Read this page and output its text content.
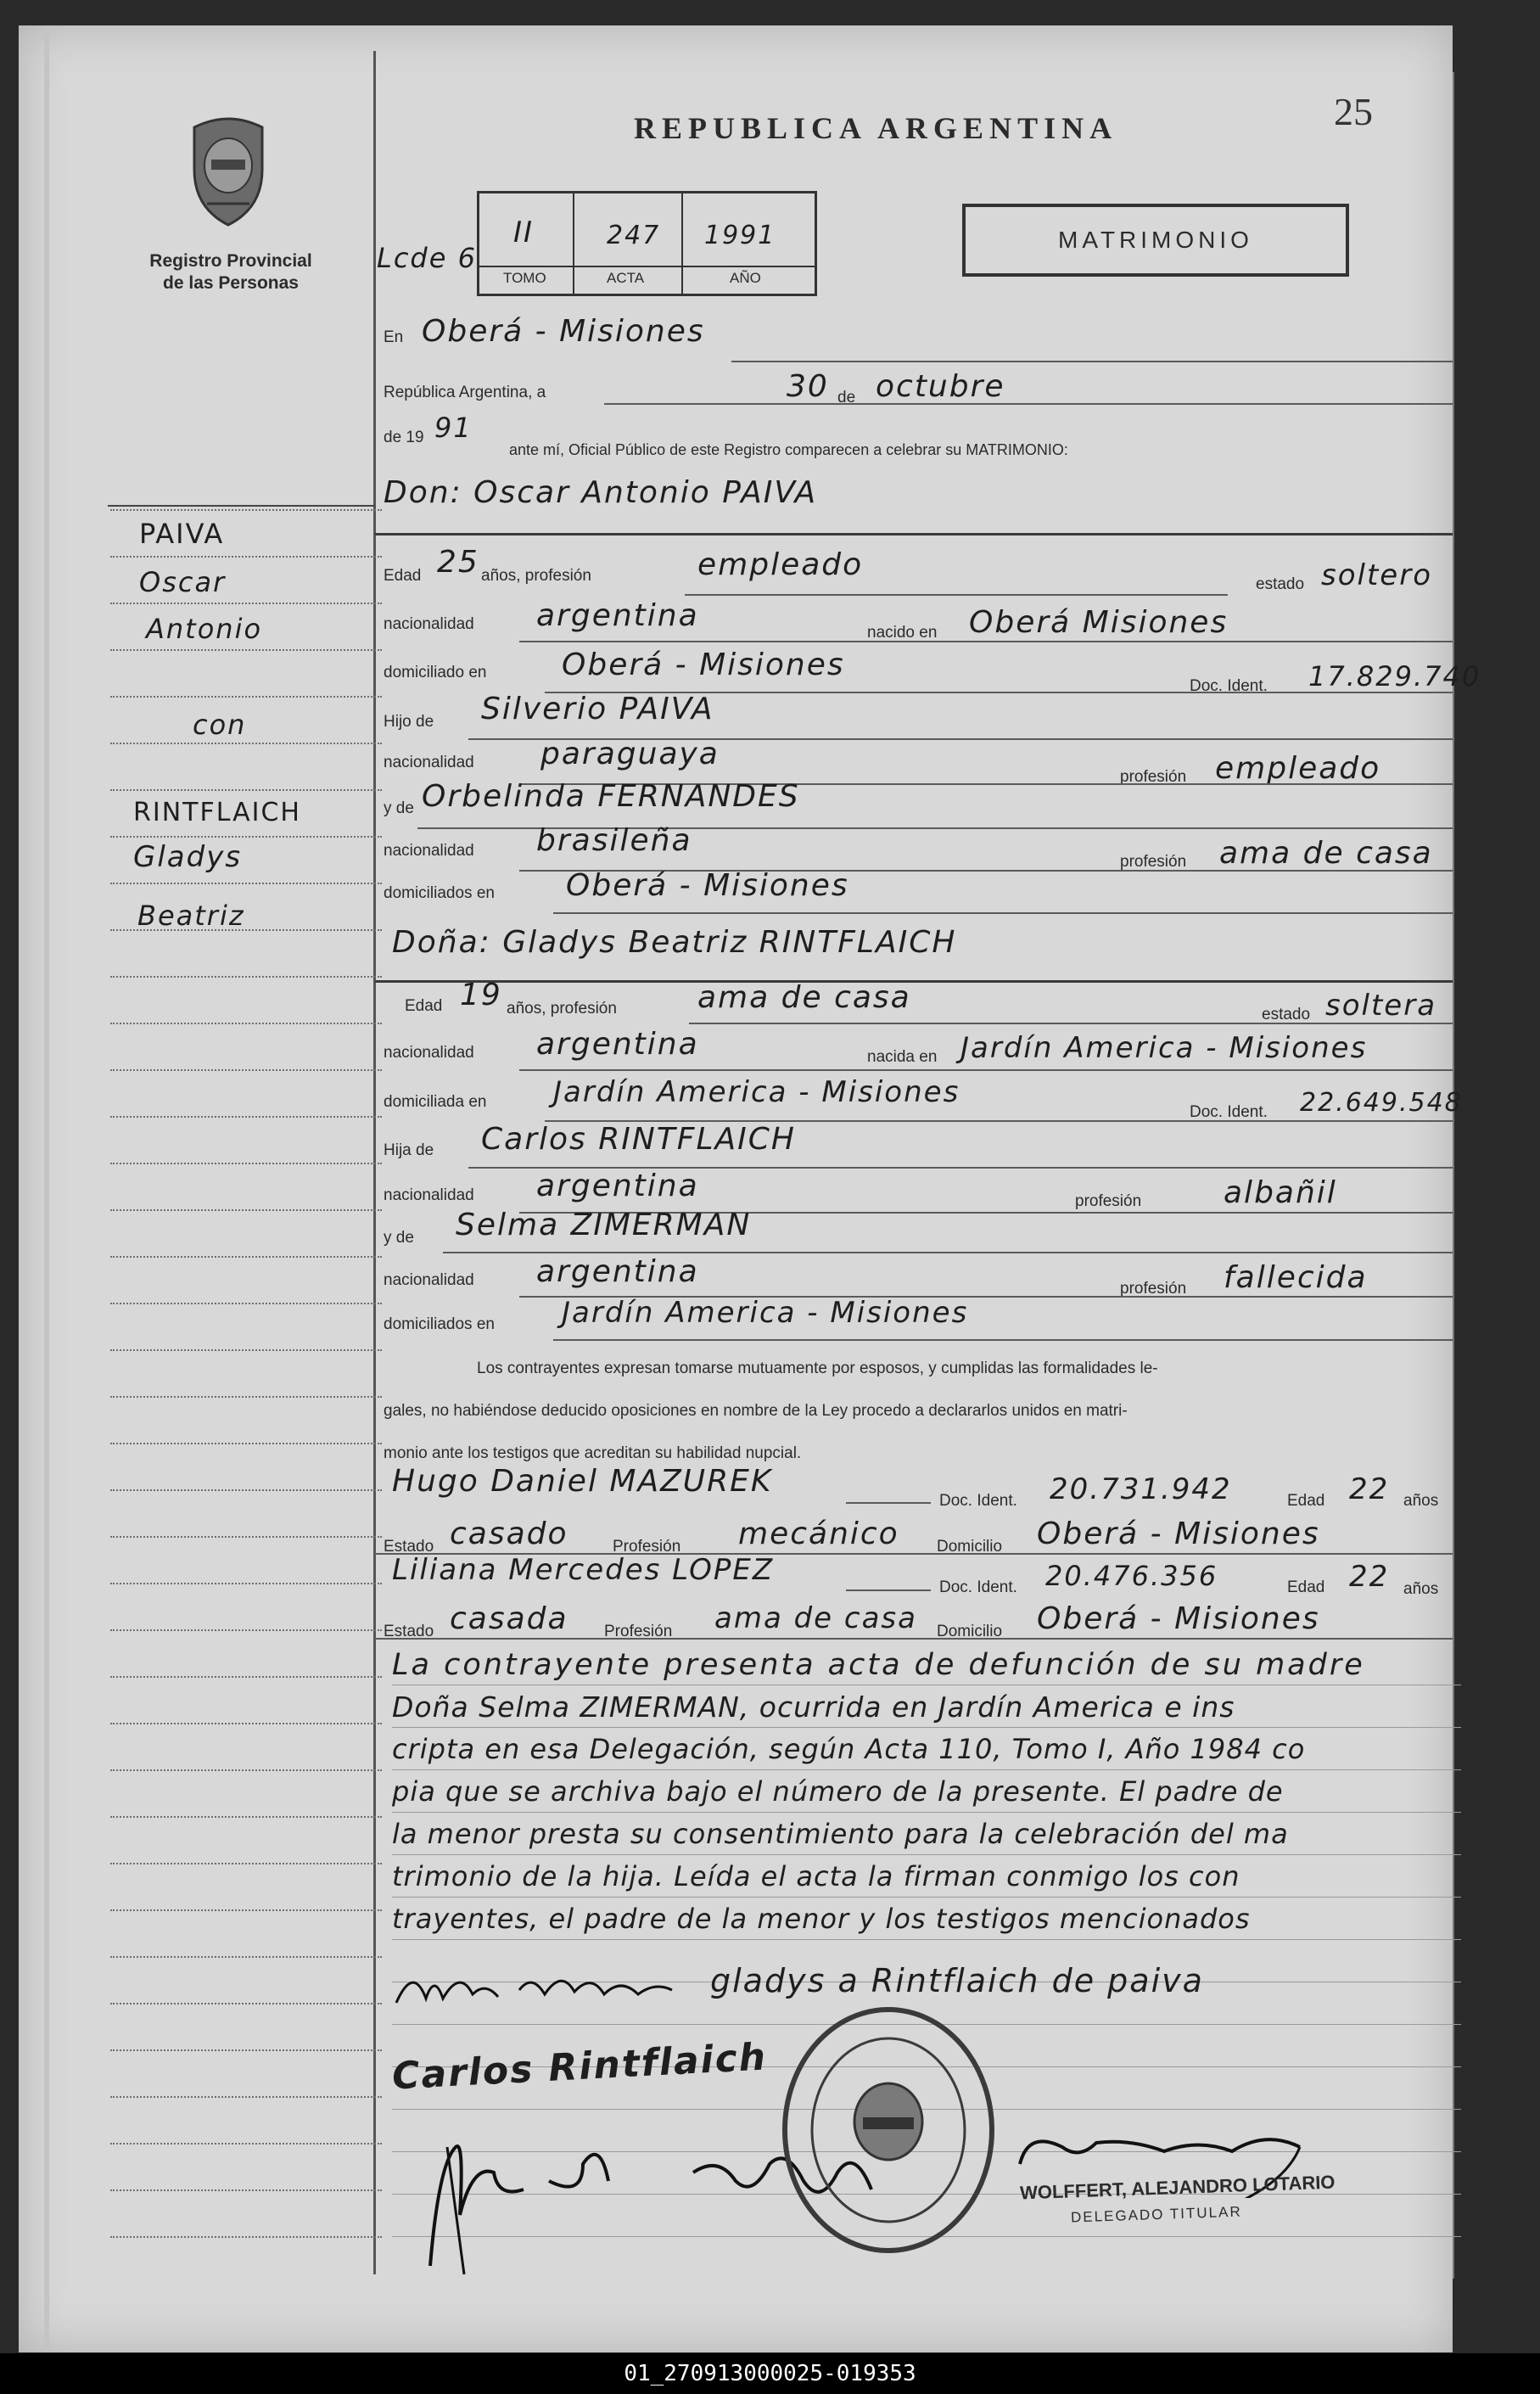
Registro Provincial
de las Personas
REPUBLICA ARGENTINA	25
Lcde 6
II	247 1991
TOMO	ACTA	AÑO
MATRIMONIO
PAIVA
Oscar
Antonio
con
RINTFLAICH
Gladys
Beatriz
En Oberá - Misiones
República Argentina, a	30 de octubre
de 19 91
ante mí, Oficial Público de este Registro comparecen a celebrar su MATRIMONIO:
Don: Oscar Antonio PAIVA
Edad 25 años, profesión	empleado
estado soltero
nacionalidad argentina	nacido en Oberá Misiones
domiciliado en Oberá - Misiones
Doc. Ident. 17.829.740
Hijo de Silverio PAIVA
nacionalidad paraguaya
profesión empleado
y de Orbelinda FERNANDES
nacionalidad brasileña
profesión ama de casa
domiciliados en Oberá - Misiones
Doña: Gladys Beatriz RINTFLAICH
Edad 19 años, profesión	ama de casa	estado soltera
nacionalidad argentina	nacida en Jardín America - Misiones
domiciliada en Jardín America - Misiones
Doc. Ident. 22.649.548
Hija de Carlos RINTFLAICH
nacionalidad argentina	profesión	albañil
y de Selma ZIMERMAN
nacionalidad argentina	profesión fallecida
domiciliados en Jardín America - Misiones
Los contrayentes expresan tomarse mutuamente por esposos, y cumplidas las formalidades le-
gales, no habiéndose deducido oposiciones en nombre de la Ley procedo a declararlos unidos en matri-
monio ante los testigos que acreditan su habilidad nupcial.
Hugo Daniel MAZUREK
Doc. Ident. 20.731.942	Edad 22 años
Estado casado	Profesión mecánico Domicilio Oberá - Misiones
Liliana Mercedes LOPEZ
Doc. Ident. 20.476.356	Edad 22 años
Estado casada Profesión ama de casa Domicilio Oberá - Misiones
La contrayente presenta acta de defunción de su madre
Doña Selma ZIMERMAN, ocurrida en Jardín America e ins
cripta en esa Delegación, según Acta 110, Tomo I, Año 1984 co
pia que se archiva bajo el número de la presente. El padre de
la menor presta su consentimiento para la celebración del ma
trimonio de la hija. Leída el acta la firman conmigo los con
trayentes, el padre de la menor y los testigos mencionados
gladys a Rintflaich de paiva
Carlos Rintflaich
WOLFFERT, ALEJANDRO LOTARIO
DELEGADO TITULAR
01_270913000025-019353
